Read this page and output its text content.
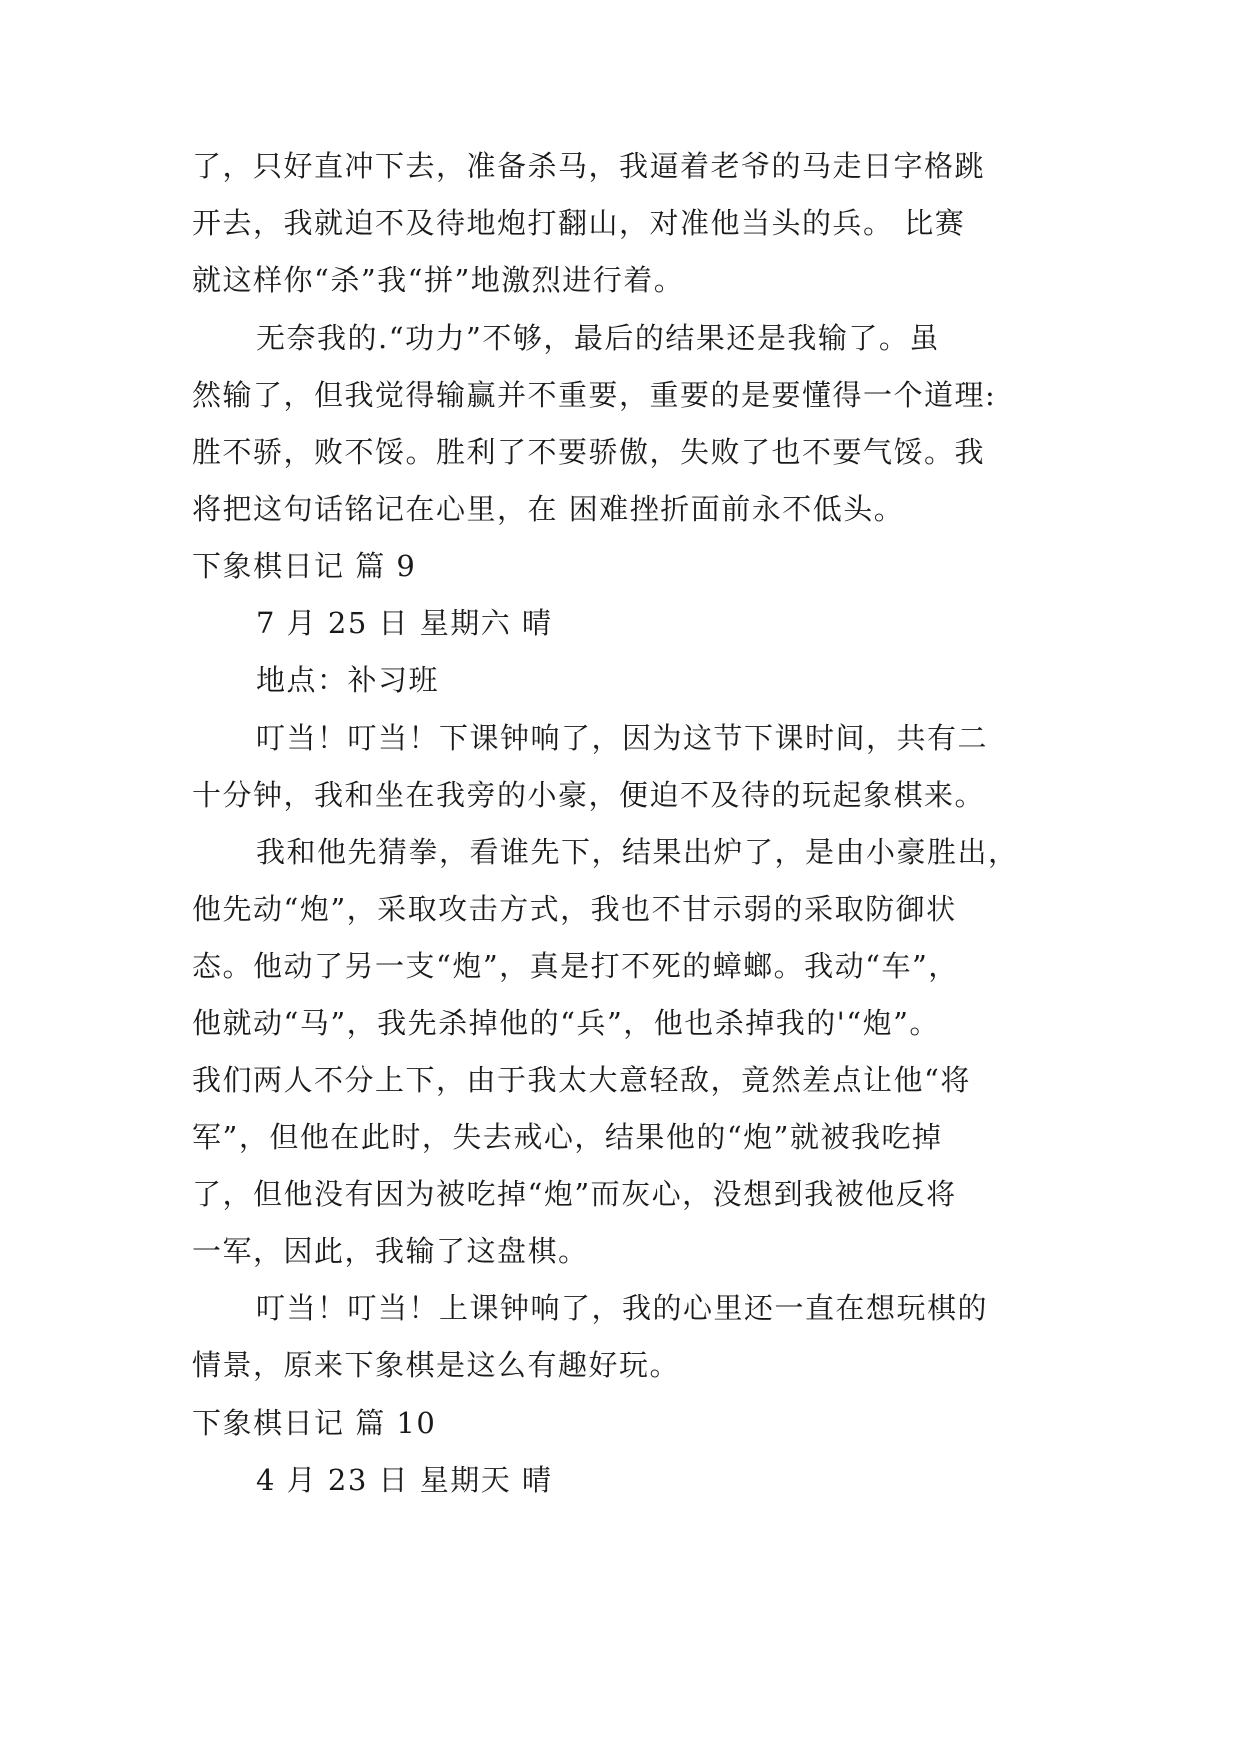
了，只好直冲下去，准备杀马，我逼着老爷的马走日字格跳
开去，我就迫不及待地炮打翻山，对准他当头的兵。 比赛
就这样你“杀”我“拼”地激烈进行着。
无奈我的.“功力”不够，最后的结果还是我输了。虽
然输了，但我觉得输赢并不重要，重要的是要懂得一个道理:
胜不骄，败不馁。胜利了不要骄傲，失败了也不要气馁。我
将把这句话铭记在心里，在 困难挫折面前永不低头。
下象棋日记 篇 9
7 月 25 日 星期六 晴
地点：补习班
叮当！叮当！下课钟响了，因为这节下课时间，共有二
十分钟，我和坐在我旁的小豪，便迫不及待的玩起象棋来。
我和他先猜拳，看谁先下，结果出炉了，是由小豪胜出，
他先动“炮”，采取攻击方式，我也不甘示弱的采取防御状
态。他动了另一支“炮”，真是打不死的蟑螂。我动“车”，
他就动“马”，我先杀掉他的“兵”，他也杀掉我的'“炮”。
我们两人不分上下，由于我太大意轻敌，竟然差点让他“将
军”，但他在此时，失去戒心，结果他的“炮”就被我吃掉
了，但他没有因为被吃掉“炮”而灰心，没想到我被他反将
一军，因此，我输了这盘棋。
叮当！叮当！上课钟响了，我的心里还一直在想玩棋的
情景，原来下象棋是这么有趣好玩。
下象棋日记 篇 10
4 月 23 日 星期天 晴
